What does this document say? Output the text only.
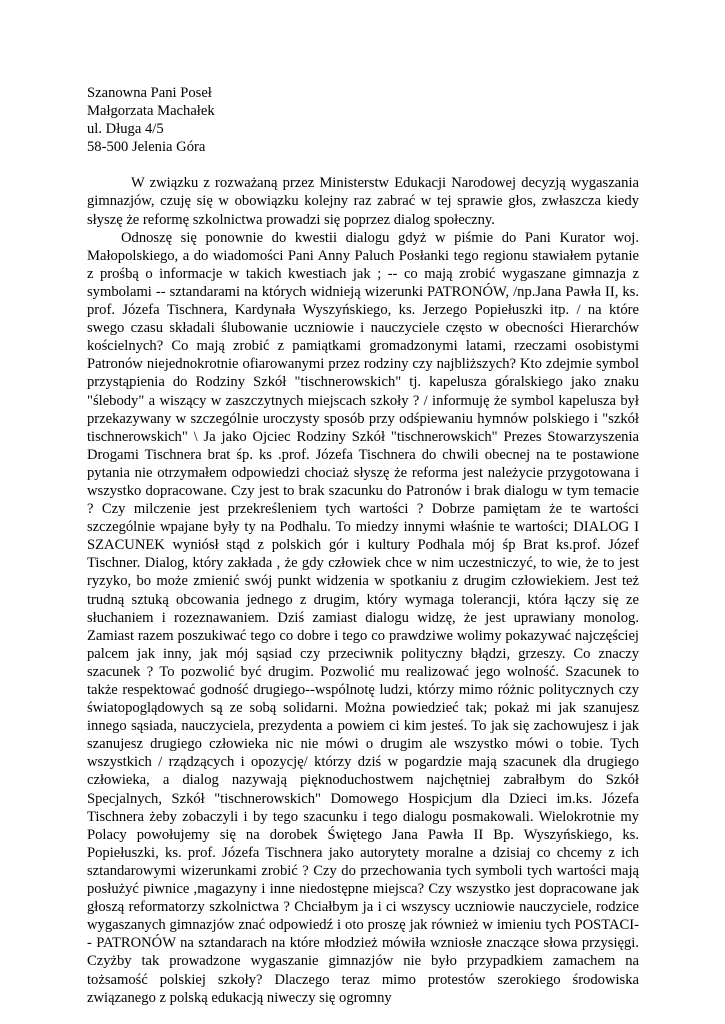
Szanowna Pani Poseł
Małgorzata Machałek
ul. Długa 4/5
58-500 Jelenia Góra

W związku z rozważaną przez Ministerstw Edukacji Narodowej decyzją wygaszania gimnazjów, czuję się w obowiązku kolejny raz zabrać w tej sprawie głos, zwłaszcza kiedy słyszę że reformę szkolnictwa prowadzi się poprzez dialog społeczny.

Odnoszę się ponownie do kwestii dialogu gdyż w piśmie do Pani Kurator woj. Małopolskiego, a do wiadomości Pani Anny Paluch Posłanki tego regionu stawiałem pytanie z prośbą o informacje w takich kwestiach jak ; -- co mają zrobić wygaszane gimnazja z symbolami -- sztandarami na których widnieją wizerunki PATRONÓW, /np.Jana Pawła II, ks. prof. Józefa Tischnera, Kardynała Wyszyńskiego, ks. Jerzego Popiełuszki itp. / na które swego czasu składali ślubowanie uczniowie i nauczyciele często w obecności Hierarchów kościelnych? Co mają zrobić z pamiątkami gromadzonymi latami, rzeczami osobistymi Patronów niejednokrotnie ofiarowanymi przez rodziny czy najbliższych? Kto zdejmie symbol przystąpienia do Rodziny Szkół "tischnerowskich" tj. kapelusza góralskiego jako znaku "ślebody" a wiszący w zaszczytnych miejscach szkoły ? / informuję że symbol kapelusza był przekazywany w szczególnie uroczysty sposób przy odśpiewaniu hymnów polskiego i "szkół tischnerowskich" \ Ja jako Ojciec Rodziny Szkół "tischnerowskich" Prezes Stowarzyszenia Drogami Tischnera brat śp. ks .prof. Józefa Tischnera do chwili obecnej na te postawione pytania nie otrzymałem odpowiedzi chociaż słyszę że reforma jest należycie przygotowana i wszystko dopracowane. Czy jest to brak szacunku do Patronów i brak dialogu w tym temacie ? Czy milczenie jest przekreśleniem tych wartości ? Dobrze pamiętam że te wartości szczególnie wpajane były ty na Podhalu. To miedzy innymi właśnie te wartości; DIALOG I SZACUNEK wyniósł stąd z polskich gór i kultury Podhala mój śp Brat ks.prof. Józef Tischner. Dialog, który zakłada , że gdy człowiek chce w nim uczestniczyć, to wie, że to jest ryzyko, bo może zmienić swój punkt widzenia w spotkaniu z drugim człowiekiem. Jest też trudną sztuką obcowania jednego z drugim, który wymaga tolerancji, która łączy się ze słuchaniem i rozeznawaniem. Dziś zamiast dialogu widzę, że jest uprawiany monolog. Zamiast razem poszukiwać tego co dobre i tego co prawdziwe wolimy pokazywać najczęściej palcem jak inny, jak mój sąsiad czy przeciwnik polityczny błądzi, grzeszy. Co znaczy szacunek ? To pozwolić być drugim. Pozwolić mu realizować jego wolność. Szacunek to także respektować godność drugiego--wspólnotę ludzi, którzy mimo różnic politycznych czy światopoglądowych są ze sobą solidarni. Można powiedzieć tak; pokaż mi jak szanujesz innego sąsiada, nauczyciela, prezydenta a powiem ci kim jesteś. To jak się zachowujesz i jak szanujesz drugiego człowieka nic nie mówi o drugim ale wszystko mówi o tobie. Tych wszystkich / rządzących i opozycję/ którzy dziś w pogardzie mają szacunek dla drugiego człowieka, a dialog nazywają pięknoduchostwem najchętniej zabrałbym do Szkół Specjalnych, Szkół "tischnerowskich" Domowego Hospicjum dla Dzieci im.ks. Józefa Tischnera żeby zobaczyli i by tego szacunku i tego dialogu posmakowali. Wielokrotnie my Polacy powołujemy się na dorobek Świętego Jana Pawła II Bp. Wyszyńskiego, ks. Popiełuszki, ks. prof. Józefa Tischnera jako autorytety moralne a dzisiaj co chcemy z ich sztandarowymi wizerunkami zrobić ? Czy do przechowania tych symboli tych wartości mają posłużyć piwnice ,magazyny i inne niedostępne miejsca? Czy wszystko jest dopracowane jak głoszą reformatorzy szkolnictwa ? Chciałbym ja i ci wszyscy uczniowie nauczyciele, rodzice wygaszanych gimnazjów znać odpowiedź i oto proszę jak również w imieniu tych POSTACI-- PATRONÓW na sztandarach na które młodzież mówiła wzniosłe znaczące słowa przysięgi. Czyżby tak prowadzone wygaszanie gimnazjów nie było przypadkiem zamachem na tożsamość polskiej szkoły? Dlaczego teraz mimo protestów szerokiego środowiska związanego z polską edukacją niweczy się ogromny
